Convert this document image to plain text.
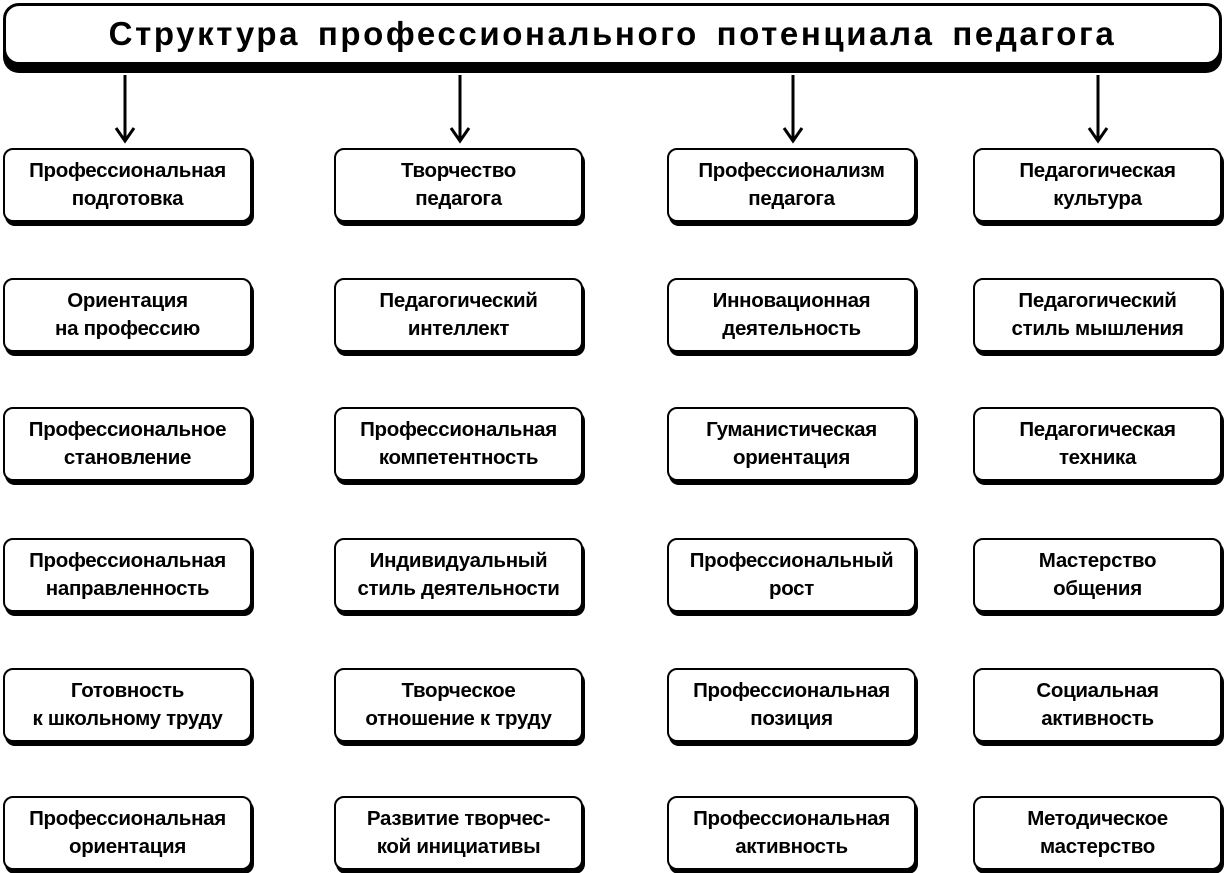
Структура профессионального потенциала педагога
Профессиональная
подготовка
Ориентация
на профессию
Профессиональное
становление
Профессиональная
направленность
Готовность
к школьному труду
Профессиональная
ориентация
Творчество
педагога
Педагогический
интеллект
Профессиональная
компетентность
Индивидуальный
стиль деятельности
Творческое
отношение к труду
Развитие творчес-
кой инициативы
Профессионализм
педагога
Инновационная
деятельность
Гуманистическая
ориентация
Профессиональный
рост
Профессиональная
позиция
Профессиональная
активность
Педагогическая
культура
Педагогический
стиль мышления
Педагогическая
техника
Мастерство
общения
Социальная
активность
Методическое
мастерство
